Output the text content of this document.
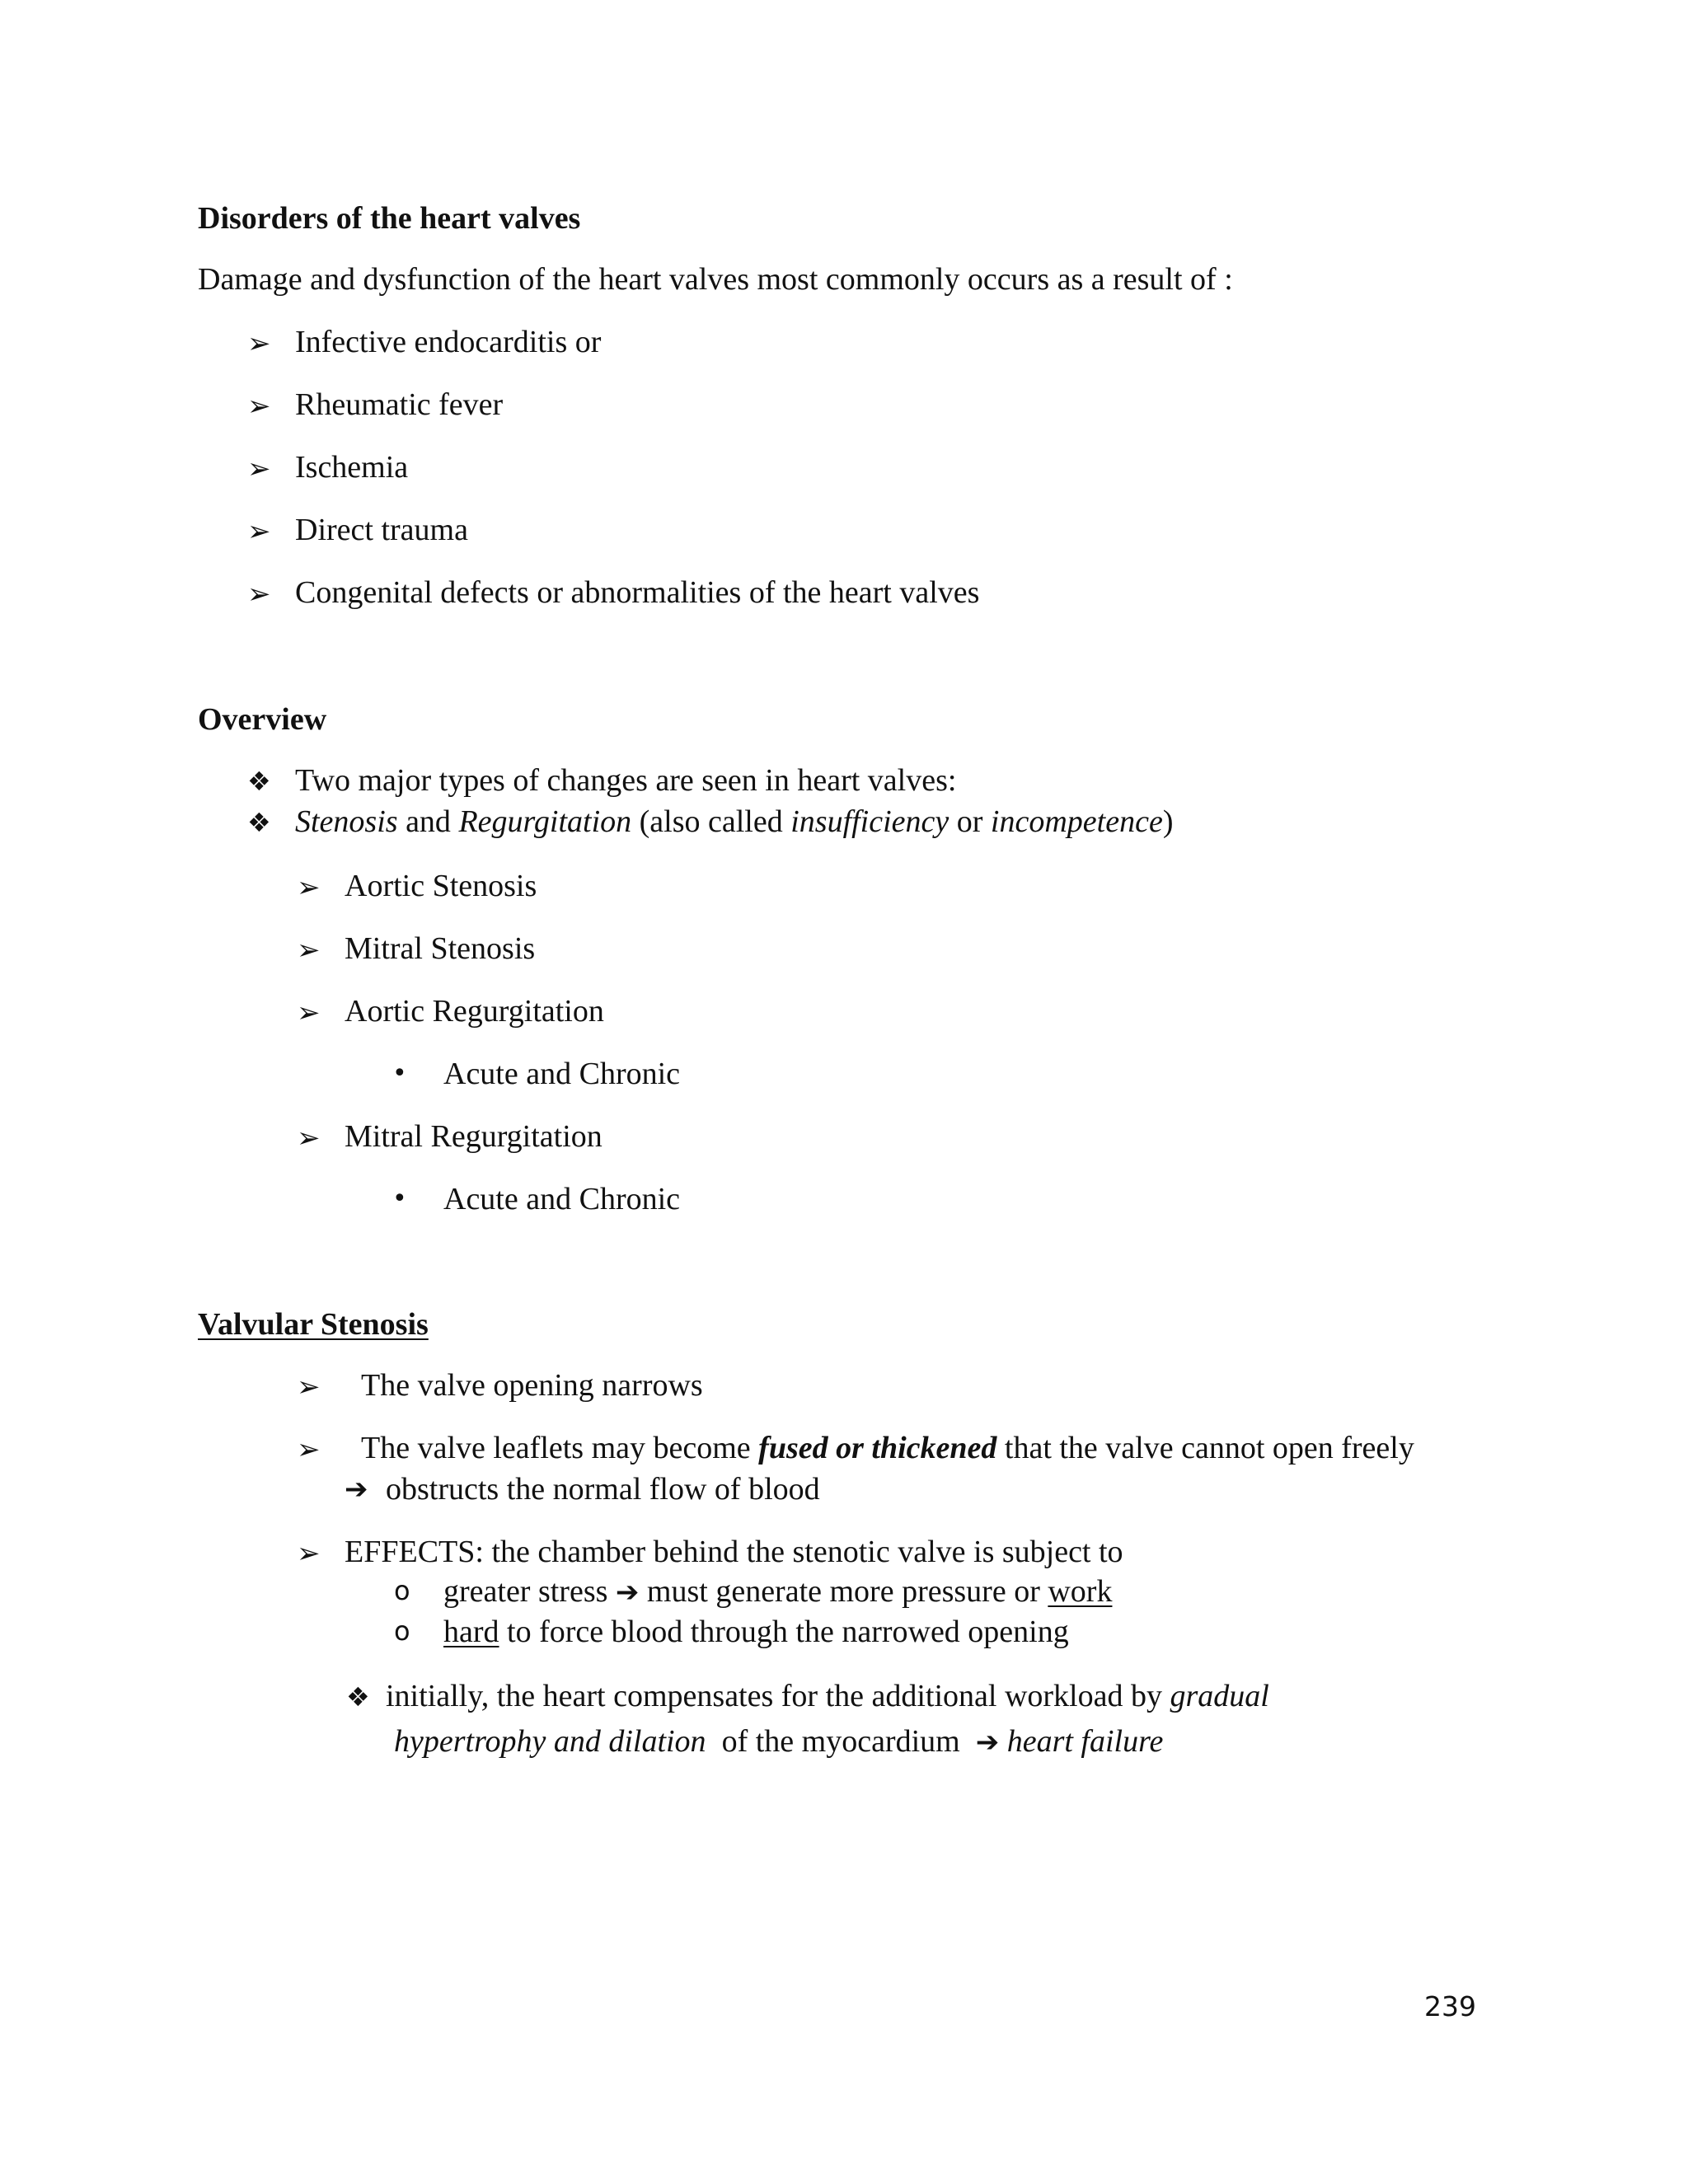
Disorders of the heart valves
Damage and dysfunction of the heart valves most commonly occurs as a result of :
➢ Infective endocarditis or
➢ Rheumatic fever
➢ Ischemia
➢ Direct trauma
➢ Congenital defects or abnormalities of the heart valves
Overview
❖ Two major types of changes are seen in heart valves:
❖ Stenosis and Regurgitation (also called insufficiency or incompetence)
➢ Aortic Stenosis
➢ Mitral Stenosis
➢ Aortic Regurgitation
• Acute and Chronic
➢ Mitral Regurgitation
• Acute and Chronic
Valvular Stenosis
➢ The valve opening narrows
➢ The valve leaflets may become fused or thickened that the valve cannot open freely
➔ obstructs the normal flow of blood
➢ EFFECTS: the chamber behind the stenotic valve is subject to
o greater stress ➔ must generate more pressure or work
o hard to force blood through the narrowed opening
❖ initially, the heart compensates for the additional workload by gradual
hypertrophy and dilation  of the myocardium  ➔ heart failure
239
